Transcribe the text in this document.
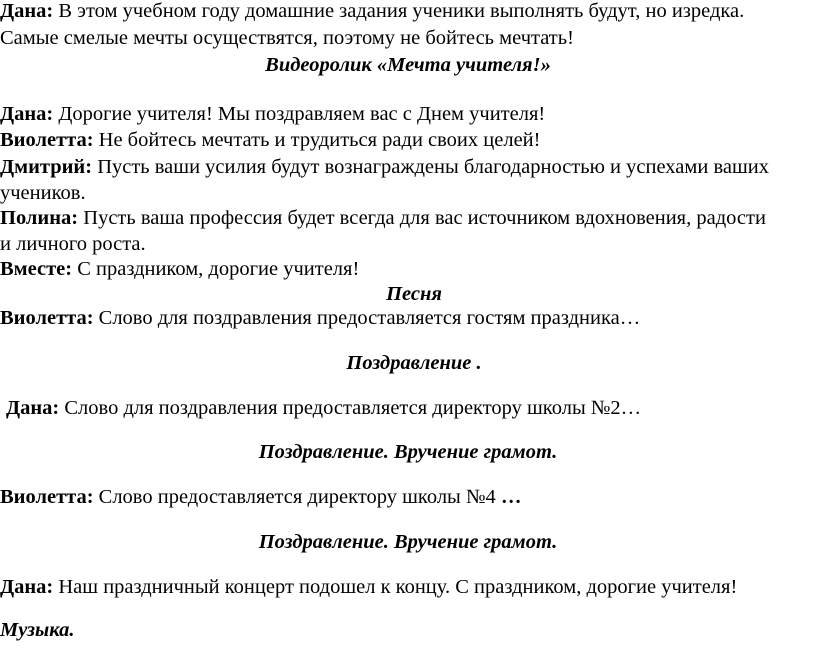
Дана: В этом учебном году домашние задания ученики выполнять будут, но изредка.
Самые смелые мечты осуществятся, поэтому не бойтесь мечтать!
Видеоролик «Мечта учителя!»
Дана: Дорогие учителя! Мы поздравляем вас с Днем учителя!
Виолетта: Не бойтесь мечтать и трудиться ради своих целей!
Дмитрий: Пусть ваши усилия будут вознаграждены благодарностью и успехами ваших
учеников.
Полина: Пусть ваша профессия будет всегда для вас источником вдохновения, радости
и личного роста.
Вместе: С праздником, дорогие учителя!
Песня
Виолетта: Слово для поздравления предоставляется гостям праздника…
Поздравление .
Дана: Слово для поздравления предоставляется директору школы №2…
Поздравление. Вручение грамот.
Виолетта: Слово предоставляется директору школы №4 …
Поздравление. Вручение грамот.
Дана: Наш праздничный концерт подошел к концу. С праздником, дорогие учителя!
Музыка.
